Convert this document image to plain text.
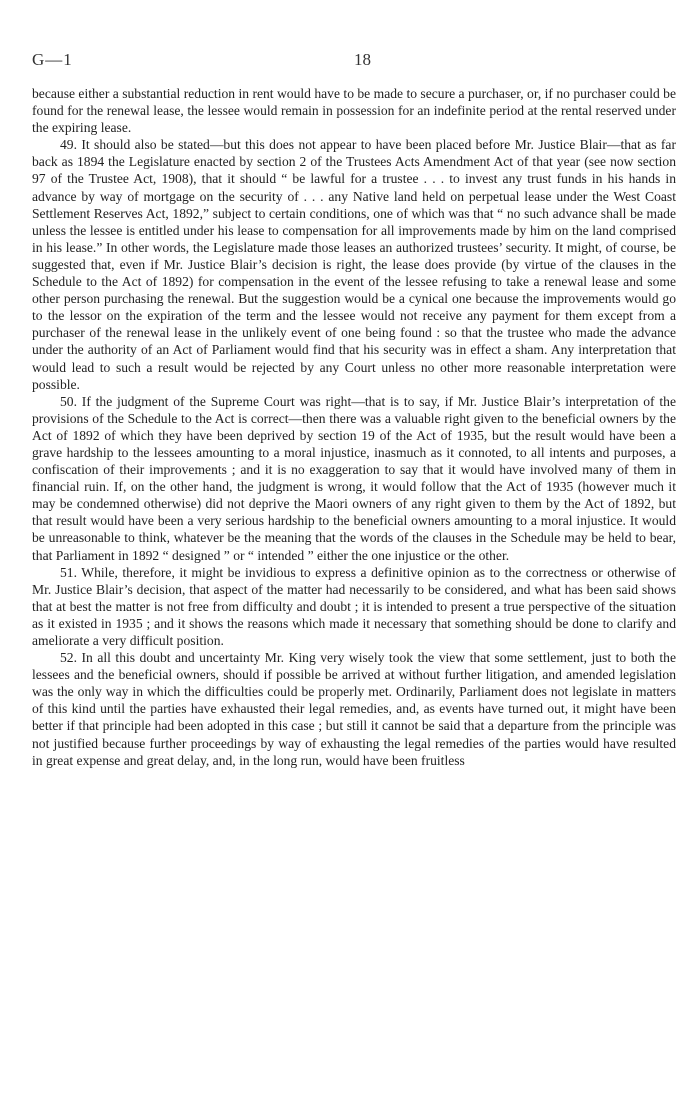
G—1	18

because either a substantial reduction in rent would have to be made to secure a purchaser, or, if no purchaser could be found for the renewal lease, the lessee would remain in possession for an indefinite period at the rental reserved under the expiring lease.

49. It should also be stated—but this does not appear to have been placed before Mr. Justice Blair—that as far back as 1894 the Legislature enacted by section 2 of the Trustees Acts Amendment Act of that year (see now section 97 of the Trustee Act, 1908), that it should “ be lawful for a trustee . . . to invest any trust funds in his hands in advance by way of mortgage on the security of . . . any Native land held on perpetual lease under the West Coast Settlement Reserves Act, 1892,” subject to certain conditions, one of which was that “ no such advance shall be made unless the lessee is entitled under his lease to compensation for all improvements made by him on the land comprised in his lease.” In other words, the Legislature made those leases an authorized trustees’ security. It might, of course, be suggested that, even if Mr. Justice Blair’s decision is right, the lease does provide (by virtue of the clauses in the Schedule to the Act of 1892) for compensation in the event of the lessee refusing to take a renewal lease and some other person purchasing the renewal. But the suggestion would be a cynical one because the improvements would go to the lessor on the expiration of the term and the lessee would not receive any payment for them except from a purchaser of the renewal lease in the unlikely event of one being found : so that the trustee who made the advance under the authority of an Act of Parliament would find that his security was in effect a sham. Any interpretation that would lead to such a result would be rejected by any Court unless no other more reasonable interpretation were possible.

50. If the judgment of the Supreme Court was right—that is to say, if Mr. Justice Blair’s interpretation of the provisions of the Schedule to the Act is correct—then there was a valuable right given to the beneficial owners by the Act of 1892 of which they have been deprived by section 19 of the Act of 1935, but the result would have been a grave hardship to the lessees amounting to a moral injustice, inasmuch as it connoted, to all intents and purposes, a confiscation of their improvements ; and it is no exaggeration to say that it would have involved many of them in financial ruin. If, on the other hand, the judgment is wrong, it would follow that the Act of 1935 (however much it may be condemned otherwise) did not deprive the Maori owners of any right given to them by the Act of 1892, but that result would have been a very serious hardship to the beneficial owners amounting to a moral injustice. It would be unreasonable to think, whatever be the meaning that the words of the clauses in the Schedule may be held to bear, that Parliament in 1892 “ designed ” or “ intended ” either the one injustice or the other.

51. While, therefore, it might be invidious to express a definitive opinion as to the correctness or otherwise of Mr. Justice Blair’s decision, that aspect of the matter had necessarily to be considered, and what has been said shows that at best the matter is not free from difficulty and doubt ; it is intended to present a true perspective of the situation as it existed in 1935 ; and it shows the reasons which made it necessary that something should be done to clarify and ameliorate a very difficult position.

52. In all this doubt and uncertainty Mr. King very wisely took the view that some settlement, just to both the lessees and the beneficial owners, should if possible be arrived at without further litigation, and amended legislation was the only way in which the difficulties could be properly met. Ordinarily, Parliament does not legislate in matters of this kind until the parties have exhausted their legal remedies, and, as events have turned out, it might have been better if that principle had been adopted in this case ; but still it cannot be said that a departure from the principle was not justified because further proceedings by way of exhausting the legal remedies of the parties would have resulted in great expense and great delay, and, in the long run, would have been fruitless
